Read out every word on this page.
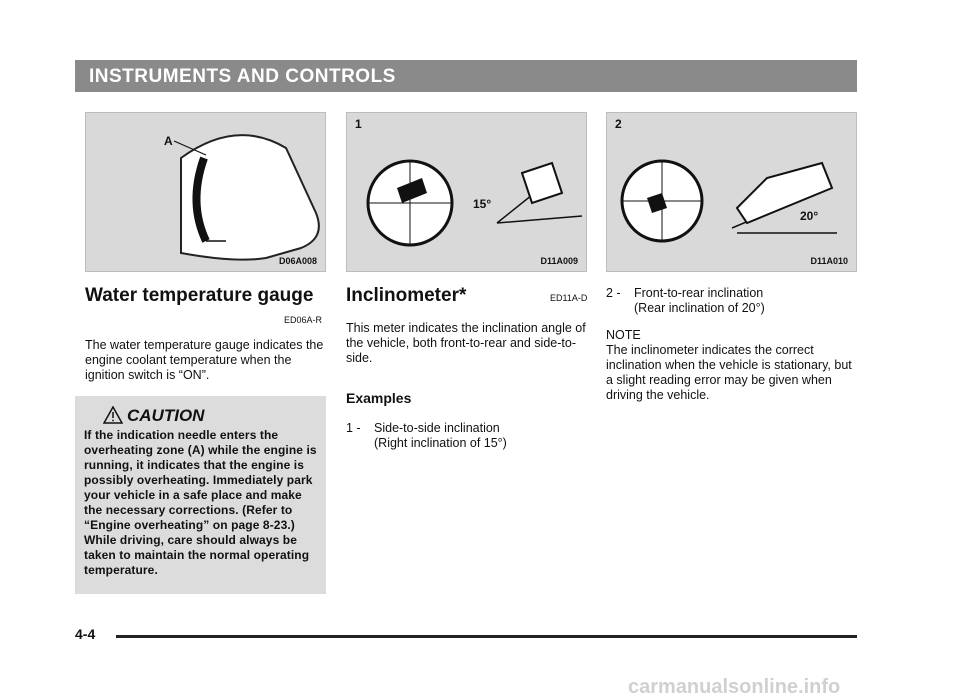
INSTRUMENTS AND CONTROLS
A
D06A008
1
15°
D11A009
2
20°
D11A010
Water temperature gauge
ED06A-R

The water temperature gauge indicates the engine coolant temperature when the ignition switch is “ON”.

CAUTION

If the indication needle enters the overheating zone (A) while the engine is running, it indicates that the engine is possibly overheating. Immediately park your vehicle in a safe place and make the necessary corrections. (Refer to “Engine overheating” on page 8-23.) While driving, care should always be taken to maintain the normal operating temperature.

Inclinometer*	ED11A-D

This meter indicates the inclination angle of the vehicle, both front-to-rear and side-to-side.

Examples
1 - Side-to-side inclination
(Right inclination of 15°)
2 - Front-to-rear inclination
(Rear inclination of 20°)
NOTE

The inclinometer indicates the correct inclination when the vehicle is stationary, but a slight reading error may be given when driving the vehicle.

4-4
carmanualsonline.info
